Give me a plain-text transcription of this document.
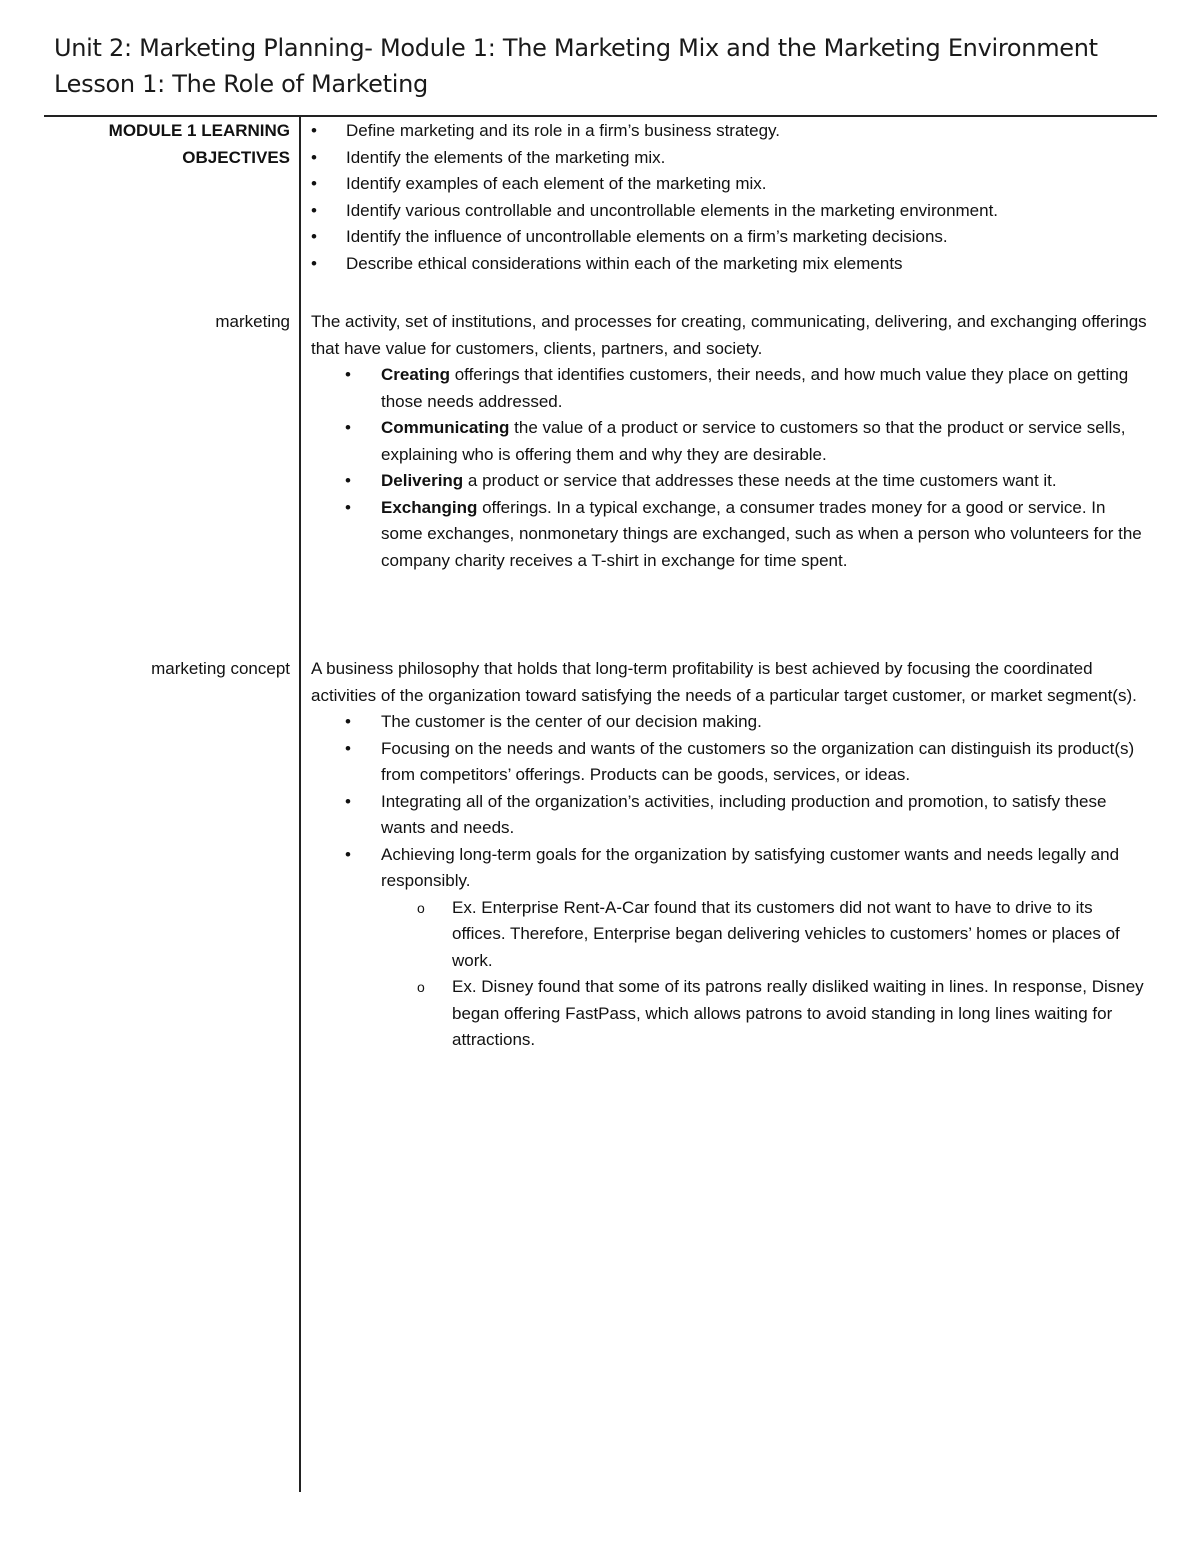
Unit 2: Marketing Planning- Module 1: The Marketing Mix and the Marketing Environment
Lesson 1: The Role of Marketing
MODULE 1 LEARNING
OBJECTIVES
• Define marketing and its role in a firm’s business strategy.
• Identify the elements of the marketing mix.
• Identify examples of each element of the marketing mix.
• Identify various controllable and uncontrollable elements in the marketing environment.
• Identify the influence of uncontrollable elements on a firm’s marketing decisions.
• Describe ethical considerations within each of the marketing mix elements
marketing The activity, set of institutions, and processes for creating, communicating, delivering, and exchanging offerings that have value for customers, clients, partners, and society.
• Creating offerings that identifies customers, their needs, and how much value they place on getting those needs addressed.
• Communicating the value of a product or service to customers so that the product or service sells, explaining who is offering them and why they are desirable.
• Delivering a product or service that addresses these needs at the time customers want it.
• Exchanging offerings. In a typical exchange, a consumer trades money for a good or service. In some exchanges, nonmonetary things are exchanged, such as when a person who volunteers for the company charity receives a T-shirt in exchange for time spent.
marketing concept A business philosophy that holds that long-term profitability is best achieved by focusing the coordinated activities of the organization toward satisfying the needs of a particular target customer, or market segment(s).
• The customer is the center of our decision making.
• Focusing on the needs and wants of the customers so the organization can distinguish its product(s) from competitors’ offerings. Products can be goods, services, or ideas.
• Integrating all of the organization’s activities, including production and promotion, to satisfy these wants and needs.
• Achieving long-term goals for the organization by satisfying customer wants and needs legally and responsibly.
o Ex. Enterprise Rent-A-Car found that its customers did not want to have to drive to its offices. Therefore, Enterprise began delivering vehicles to customers’ homes or places of work.
o Ex. Disney found that some of its patrons really disliked waiting in lines. In response, Disney began offering FastPass, which allows patrons to avoid standing in long lines waiting for attractions.
